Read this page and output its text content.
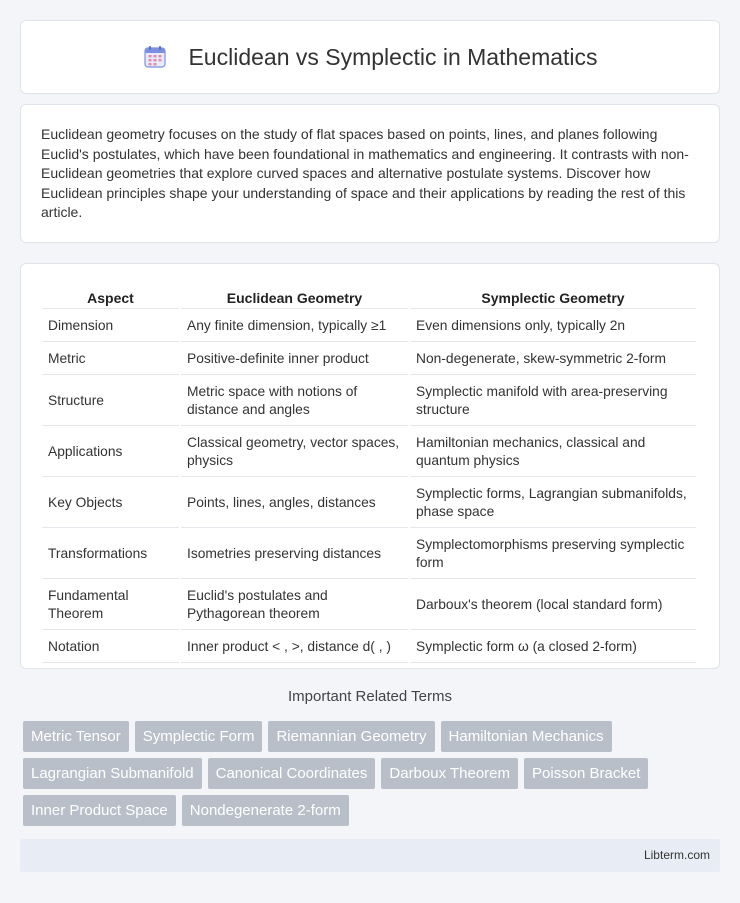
Euclidean vs Symplectic in Mathematics

Euclidean geometry focuses on the study of flat spaces based on points, lines, and planes following Euclid's postulates, which have been foundational in mathematics and engineering. It contrasts with non-Euclidean geometries that explore curved spaces and alternative postulate systems. Discover how Euclidean principles shape your understanding of space and their applications by reading the rest of this article.

Aspect	Euclidean Geometry	Symplectic Geometry
Dimension	Any finite dimension, typically ≥1	Even dimensions only, typically 2n
Metric	Positive-definite inner product	Non-degenerate, skew-symmetric 2-form
Structure	Metric space with notions of distance and angles	Symplectic manifold with area-preserving structure
Applications	Classical geometry, vector spaces, physics	Hamiltonian mechanics, classical and quantum physics
Key Objects	Points, lines, angles, distances	Symplectic forms, Lagrangian submanifolds, phase space
Transformations	Isometries preserving distances	Symplectomorphisms preserving symplectic form
Fundamental Theorem	Euclid's postulates and Pythagorean theorem	Darboux's theorem (local standard form)
Notation	Inner product < , >, distance d( , )	Symplectic form ω (a closed 2-form)
Important Related Terms
Metric Tensor	Symplectic Form	Riemannian Geometry	Hamiltonian Mechanics
Lagrangian Submanifold	Canonical Coordinates	Darboux Theorem	Poisson Bracket
Inner Product Space	Nondegenerate 2-form
Libterm.com
